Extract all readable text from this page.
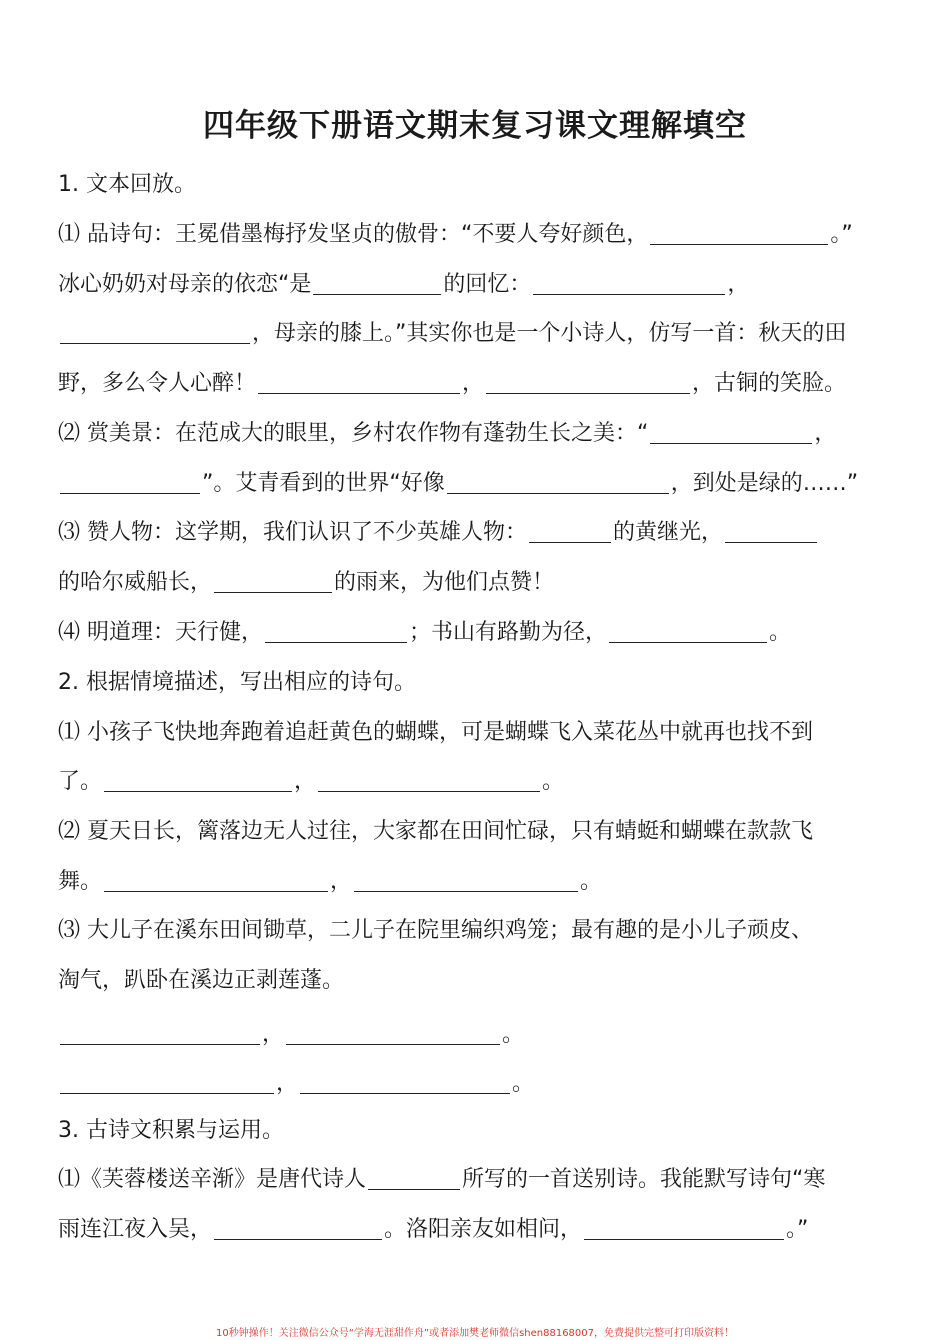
四年级下册语文期末复习课文理解填空
1. 文本回放。
⑴ 品诗句：王冕借墨梅抒发坚贞的傲骨：“不要人夸好颜色，	。”
冰心奶奶对母亲的依恋“是	的回忆：	，
，母亲的膝上。”其实你也是一个小诗人，仿写一首：秋天的田
野，多么令人心醉！	，	，古铜的笑脸。
⑵ 赏美景：在范成大的眼里，乡村农作物有蓬勃生长之美：“	，
”。艾青看到的世界“好像	，到处是绿的……”
⑶ 赞人物：这学期，我们认识了不少英雄人物：	的黄继光，
的哈尔威船长，	的雨来，为他们点赞！
⑷ 明道理：天行健，	；书山有路勤为径，	。
2. 根据情境描述，写出相应的诗句。
⑴ 小孩子飞快地奔跑着追赶黄色的蝴蝶，可是蝴蝶飞入菜花丛中就再也找不到
了。	，	。
⑵ 夏天日长，篱落边无人过往，大家都在田间忙碌，只有蜻蜓和蝴蝶在款款飞
舞。	，	。
⑶ 大儿子在溪东田间锄草，二儿子在院里编织鸡笼；最有趣的是小儿子顽皮、
淘气，趴卧在溪边正剥莲蓬。
，	。
，	。
3. 古诗文积累与运用。
⑴《芙蓉楼送辛渐》是唐代诗人	所写的一首送别诗。我能默写诗句“寒
雨连江夜入吴，	。洛阳亲友如相问，	。”
10秒钟操作！关注微信公众号“学海无涯甜作舟”或者添加樊老师微信shen88168007，免费提供完整可打印版资料！
